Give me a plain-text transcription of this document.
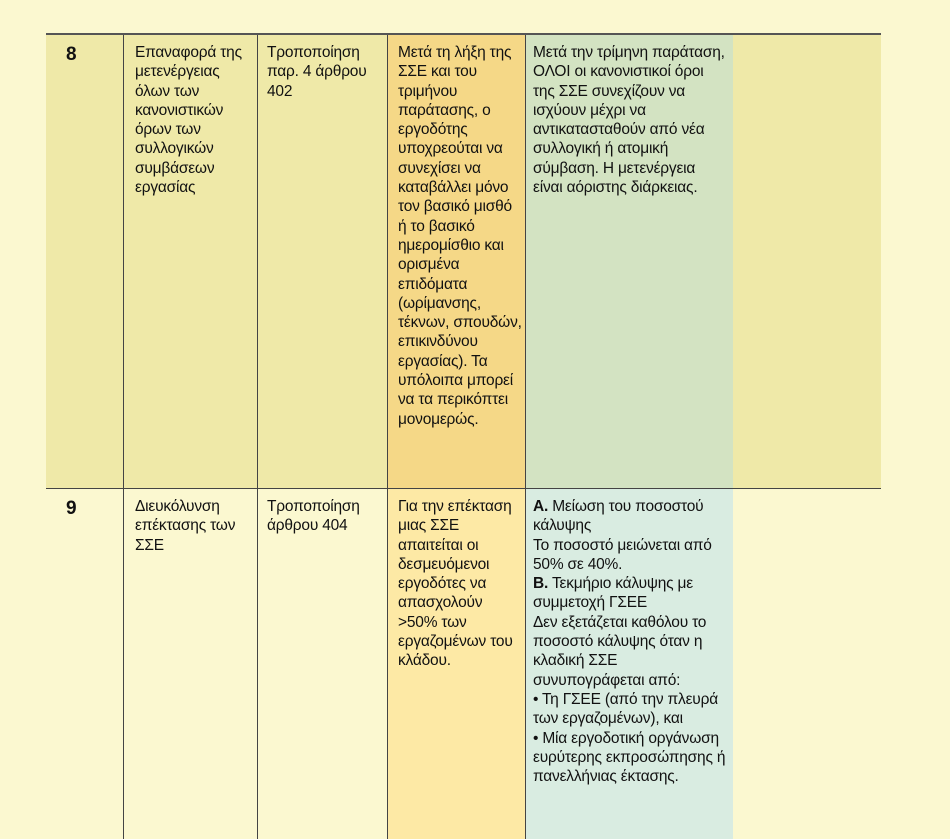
8	Επαναφορά της μετενέργειας όλων των κανονιστικών όρων των συλλογικών συμβάσεων εργασίας
Τροποποίηση παρ. 4 άρθρου 402
Μετά τη λήξη της ΣΣΕ και του τριμήνου παράτασης, ο εργοδότης υποχρεούται να συνεχίσει να καταβάλλει μόνο τον βασικό μισθό ή το βασικό ημερομίσθιο και ορισμένα επιδόματα (ωρίμανσης, τέκνων, σπουδών, επικινδύνου εργασίας). Τα υπόλοιπα μπορεί να τα περικόπτει μονομερώς.
Μετά την τρίμηνη παράταση, ΟΛΟΙ οι κανονιστικοί όροι της ΣΣΕ συνεχίζουν να ισχύουν μέχρι να αντικατασταθούν από νέα συλλογική ή ατομική σύμβαση. Η μετενέργεια είναι αόριστης διάρκειας.
9	Διευκόλυνση επέκτασης των ΣΣΕ
Τροποποίηση άρθρου 404
Για την επέκταση μιας ΣΣΕ απαιτείται οι δεσμευόμενοι εργοδότες να απασχολούν >50% των εργαζομένων του κλάδου.
Α. Μείωση του ποσοστού κάλυψης
Το ποσοστό μειώνεται από 50% σε 40%.
Β. Τεκμήριο κάλυψης με συμμετοχή ΓΣΕΕ
Δεν εξετάζεται καθόλου το ποσοστό κάλυψης όταν η κλαδική ΣΣΕ συνυπογράφεται από:
• Τη ΓΣΕΕ (από την πλευρά των εργαζομένων), και
• Μία εργοδοτική οργάνωση ευρύτερης εκπροσώπησης ή πανελλήνιας έκτασης.
